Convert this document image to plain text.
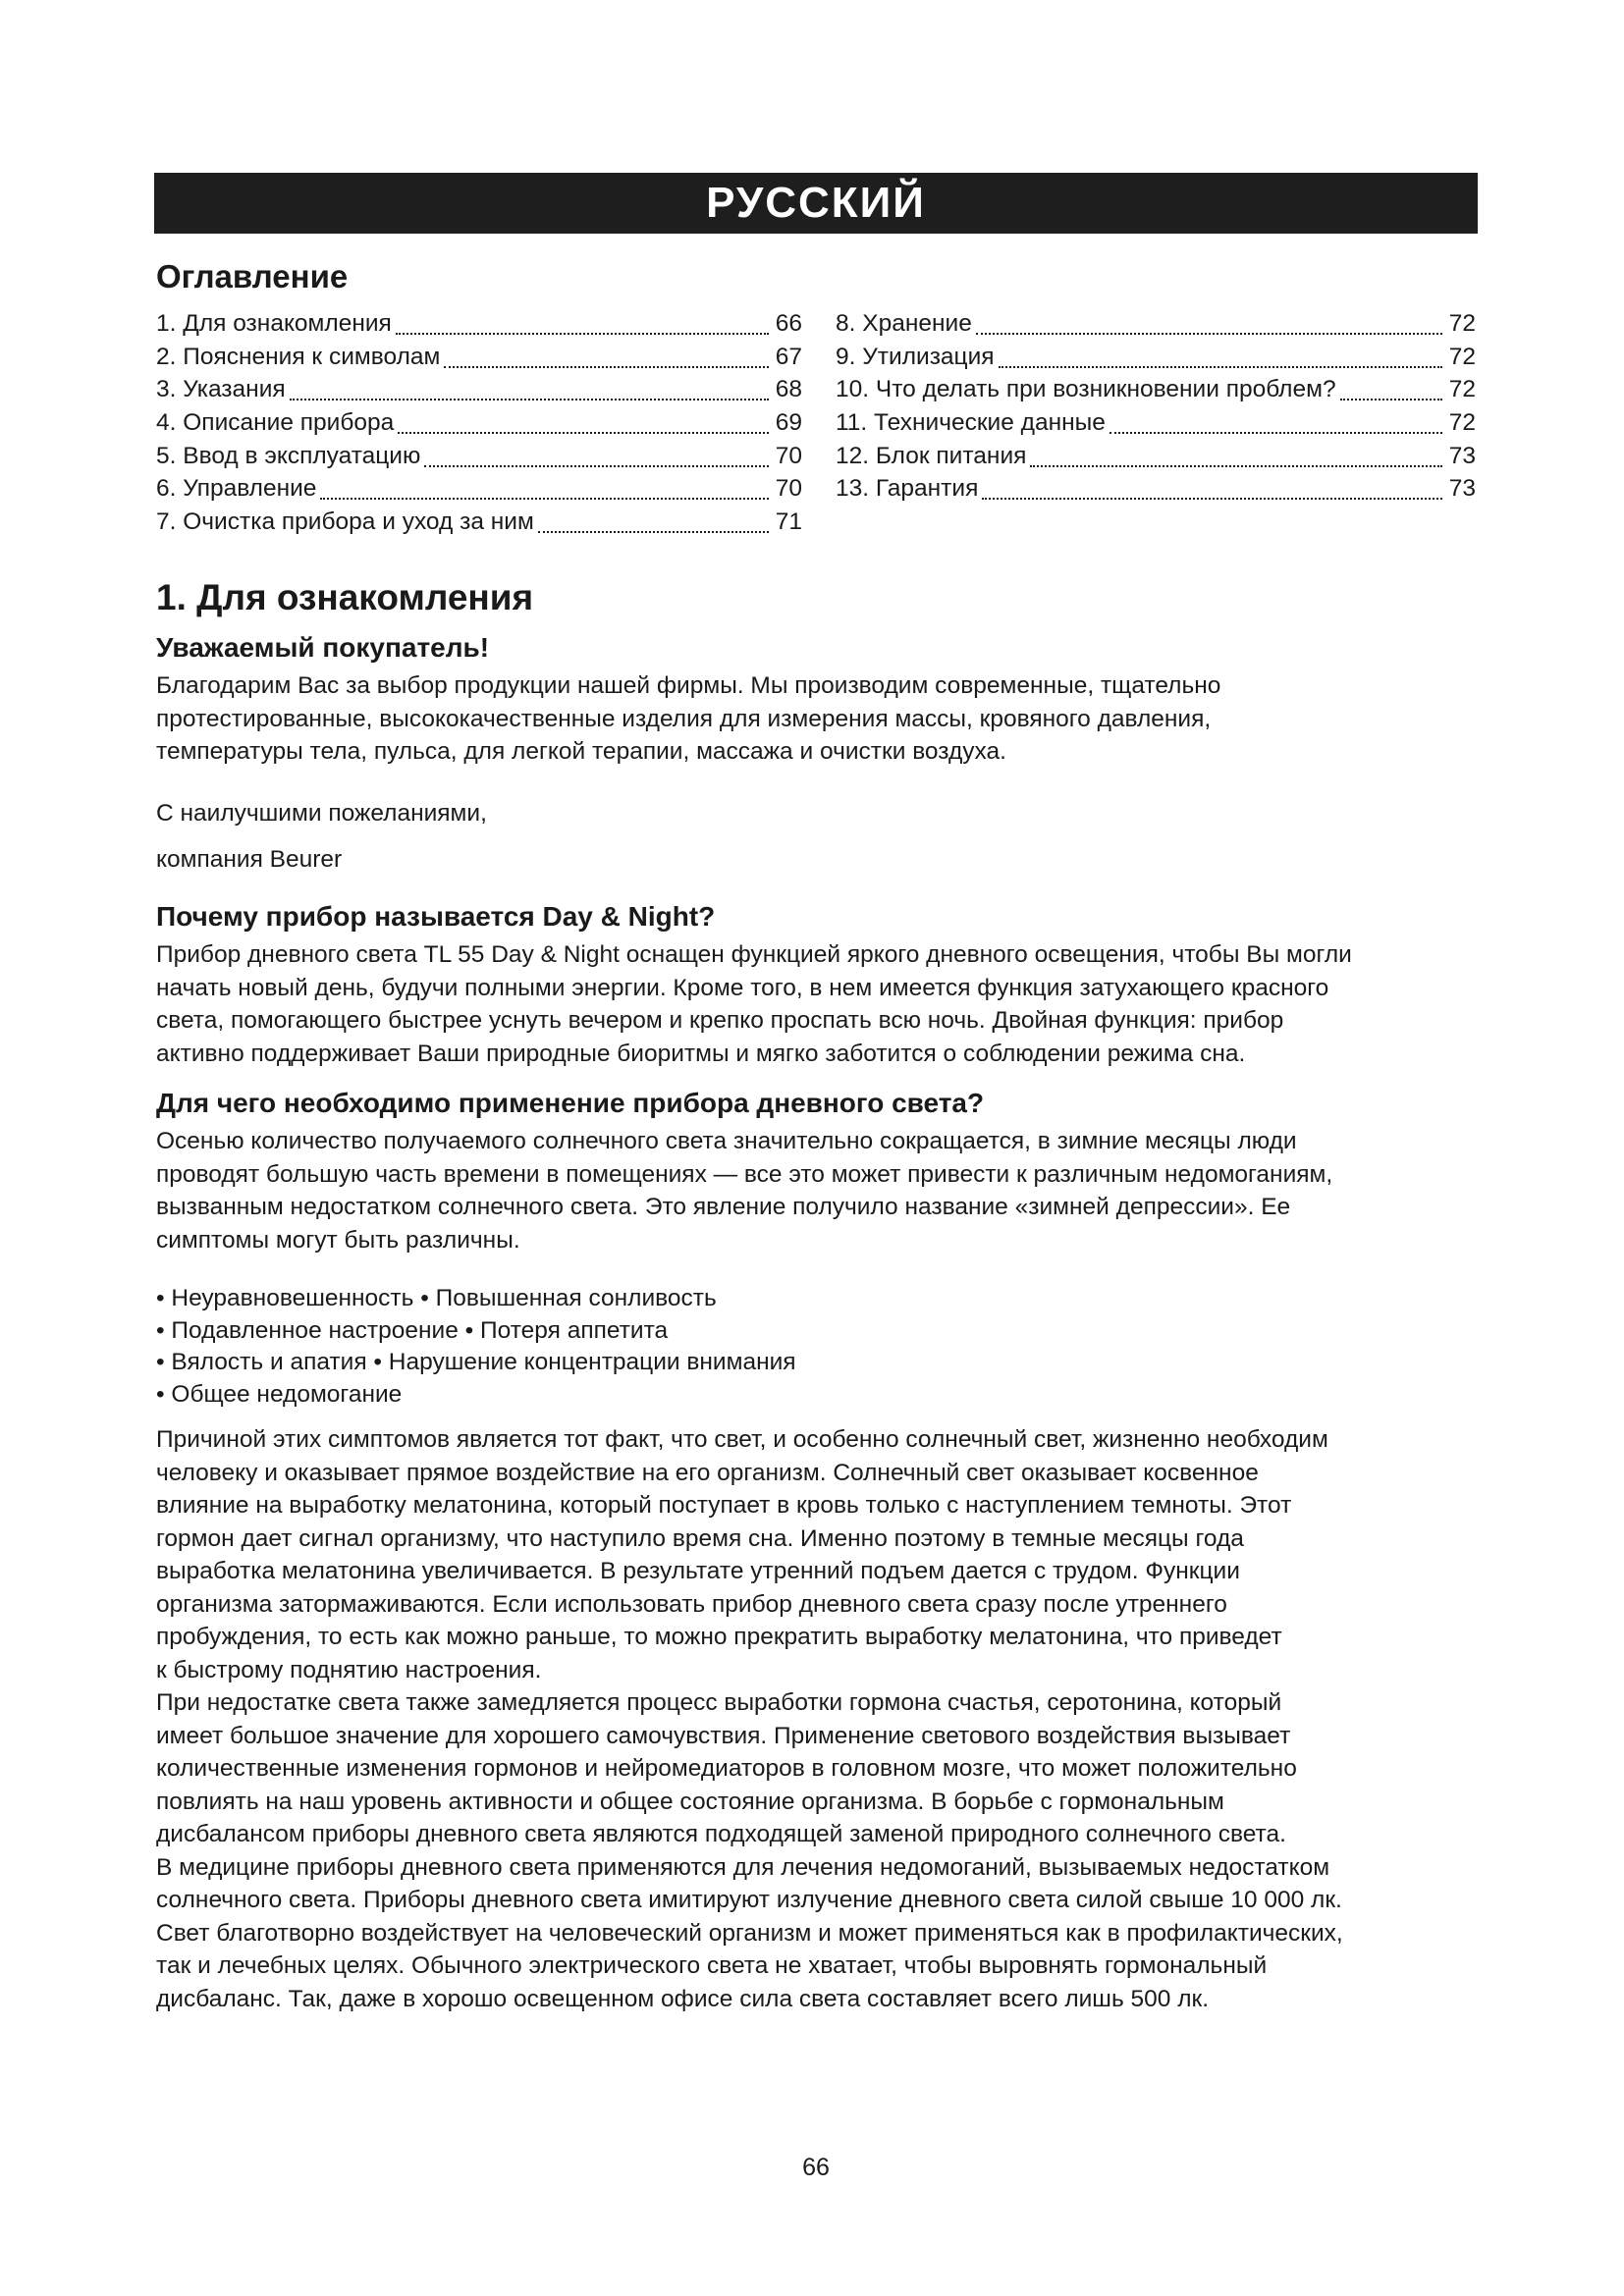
РУССКИЙ
Оглавление
1. Для ознакомления	66
2. Пояснения к символам	67
3. Указания	68
4. Описание прибора	69
5. Ввод в эксплуатацию	70
6. Управление	70
7. Очистка прибора и уход за ним	71
8. Хранение	72
9. Утилизация	72
10. Что делать при возникновении проблем?	72
11. Технические данные	72
12. Блок питания	73
13. Гарантия	73
1. Для ознакомления
Уважаемый покупатель!
Благодарим Вас за выбор продукции нашей фирмы. Мы производим современные, тщательно
протестированные, высококачественные изделия для измерения массы, кровяного давления,
температуры тела, пульса, для легкой терапии, массажа и очистки воздуха.
С наилучшими пожеланиями,
компания Beurer
Почему прибор называется Day & Night?
Прибор дневного света TL 55 Day & Night оснащен функцией яркого дневного освещения, чтобы Вы могли
начать новый день, будучи полными энергии. Кроме того, в нем имеется функция затухающего красного
света, помогающего быстрее уснуть вечером и крепко проспать всю ночь. Двойная функция: прибор
активно поддерживает Ваши природные биоритмы и мягко заботится о соблюдении режима сна.
Для чего необходимо применение прибора дневного света?
Осенью количество получаемого солнечного света значительно сокращается, в зимние месяцы люди
проводят большую часть времени в помещениях — все это может привести к различным недомоганиям,
вызванным недостатком солнечного света. Это явление получило название «зимней депрессии». Ее
симптомы могут быть различны.
• Неуравновешенность • Повышенная сонливость
• Подавленное настроение • Потеря аппетита
• Вялость и апатия • Нарушение концентрации внимания
• Общее недомогание
Причиной этих симптомов является тот факт, что свет, и особенно солнечный свет, жизненно необходим
человеку и оказывает прямое воздействие на его организм. Солнечный свет оказывает косвенное
влияние на выработку мелатонина, который поступает в кровь только с наступлением темноты. Этот
гормон дает сигнал организму, что наступило время сна. Именно поэтому в темные месяцы года
выработка мелатонина увеличивается. В результате утренний подъем дается с трудом. Функции
организма затормаживаются. Если использовать прибор дневного света сразу после утреннего
пробуждения, то есть как можно раньше, то можно прекратить выработку мелатонина, что приведет
к быстрому поднятию настроения.
При недостатке света также замедляется процесс выработки гормона счастья, серотонина, который
имеет большое значение для хорошего самочувствия. Применение светового воздействия вызывает
количественные изменения гормонов и нейромедиаторов в головном мозге, что может положительно
повлиять на наш уровень активности и общее состояние организма. В борьбе с гормональным
дисбалансом приборы дневного света являются подходящей заменой природного солнечного света.
В медицине приборы дневного света применяются для лечения недомоганий, вызываемых недостатком
солнечного света. Приборы дневного света имитируют излучение дневного света силой свыше 10 000 лк.
Свет благотворно воздействует на человеческий организм и может применяться как в профилактических,
так и лечебных целях. Обычного электрического света не хватает, чтобы выровнять гормональный
дисбаланс. Так, даже в хорошо освещенном офисе сила света составляет всего лишь 500 лк.
66
